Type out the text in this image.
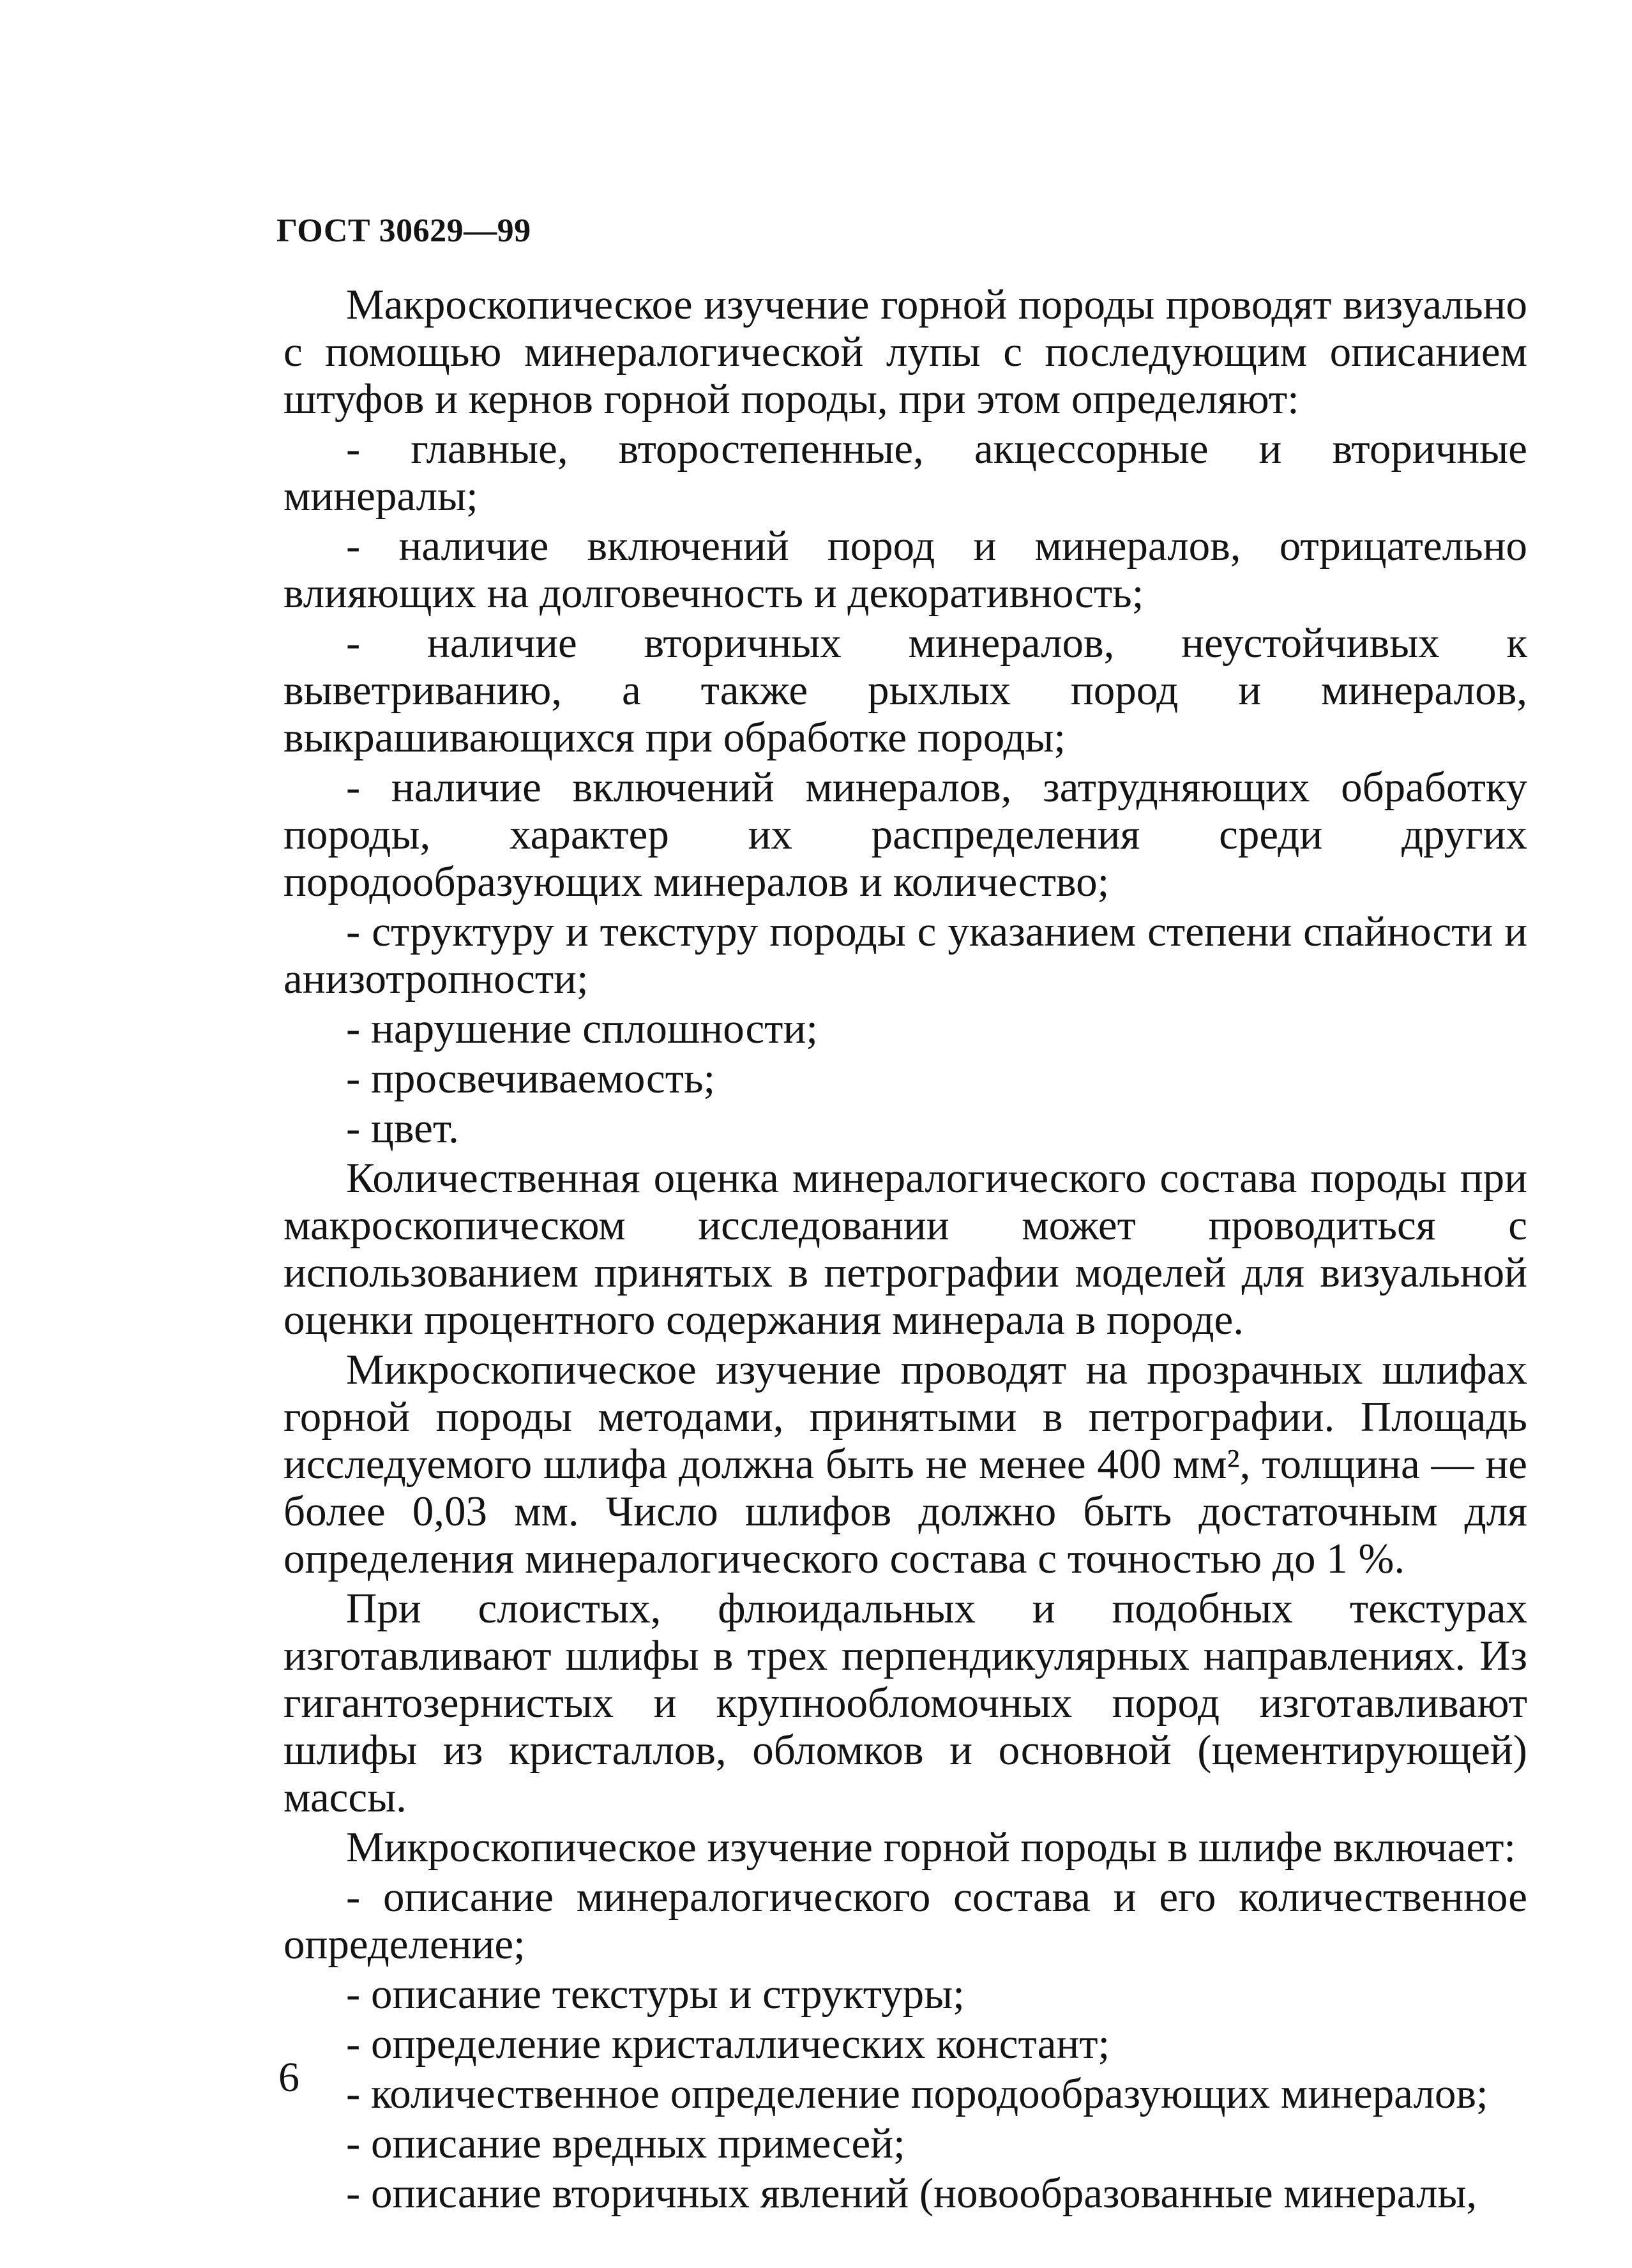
ГОСТ 30629—99

Макроскопическое изучение горной породы проводят визуально с помощью минералогической лупы с последующим описанием штуфов и кернов горной породы, при этом определяют:

- главные, второстепенные, акцессорные и вторичные минералы;

- наличие включений пород и минералов, отрицательно влияющих на долговечность и декоративность;

- наличие вторичных минералов, неустойчивых к выветриванию, а также рыхлых пород и минералов, выкрашивающихся при обработке породы;

- наличие включений минералов, затрудняющих обработку породы, характер их распределения среди других породообразующих минералов и количество;

- структуру и текстуру породы с указанием степени спайности и анизотропности;

- нарушение сплошности;

- просвечиваемость;

- цвет.

Количественная оценка минералогического состава породы при макроскопическом исследовании может проводиться с использованием принятых в петрографии моделей для визуальной оценки процентного содержания минерала в породе.

Микроскопическое изучение проводят на прозрачных шлифах горной породы методами, принятыми в петрографии. Площадь исследуемого шлифа должна быть не менее 400 мм², толщина — не более 0,03 мм. Число шлифов должно быть достаточным для определения минералогического состава с точностью до 1 %.

При слоистых, флюидальных и подобных текстурах изготавливают шлифы в трех перпендикулярных направлениях. Из гигантозернистых и крупнообломочных пород изготавливают шлифы из кристаллов, обломков и основной (цементирующей) массы.

Микроскопическое изучение горной породы в шлифе включает:

- описание минералогического состава и его количественное определение;

- описание текстуры и структуры;

- определение кристаллических констант;

- количественное определение породообразующих минералов;

- описание вредных примесей;

- описание вторичных явлений (новообразованные минералы,

6
